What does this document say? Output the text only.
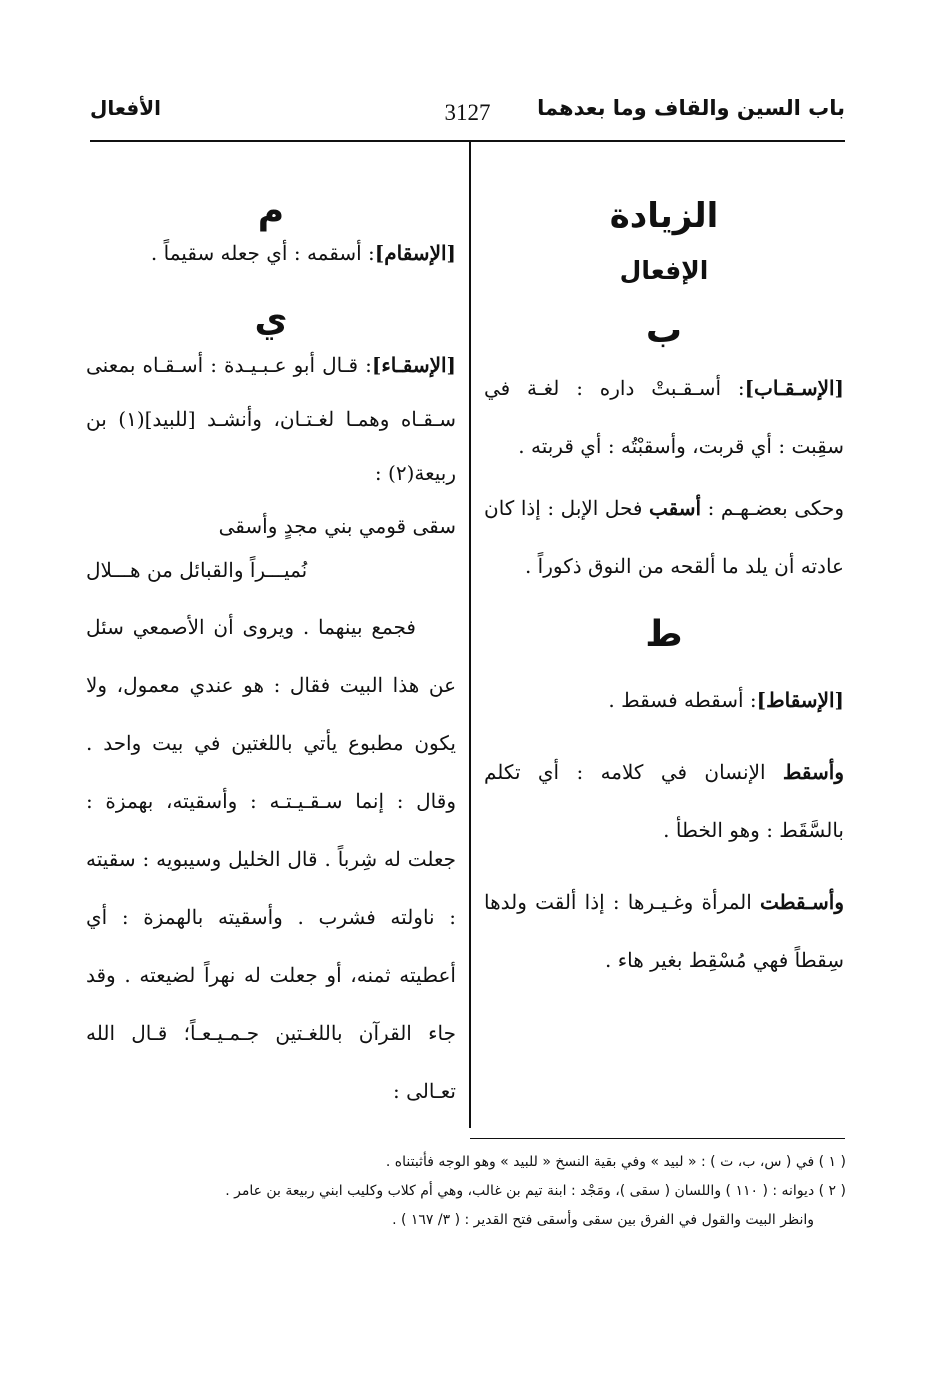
الأفعال	3127	باب السين والقاف وما بعدهما
الزيادة
الإفعال
ب

[الإسـقـاب]: أسـقـبتْ داره : لغـة في سقِبت : أي قربت، وأسقبْتُه : أي قربته .

وحكى بعضـهـم : أسقب فحل الإبل : إذا كان عادته أن يلد ما ألقحه من النوق ذكوراً .

ط

[الإسقاط]: أسقطه فسقط .

وأسقط الإنسان في كلامه : أي تكلم بالسَّقَط : وهو الخطأ .

وأسـقطت المرأة وغـيـرها : إذا ألقت ولدها سِقطاً فهي مُسْقِط بغير هاء .

م

[الإسقام]: أسقمه : أي جعله سقيماً .

ي

[الإسقـاء]: قـال أبو عـبـيـدة : أسـقـاه بمعنى سـقـاه وهمـا لغـتـان، وأنشـد [للبيد](١) بن ربيعة(٢) :

سقى قومي بني مجدٍ وأسقى

نُميـــراً والقبائل من هـــلال

فجمع بينهما . ويروى أن الأصمعي سئل عن هذا البيت فقال : هو عندي معمول، ولا يكون مطبوع يأتي باللغتين في بيت واحد . وقال : إنما سـقـيـتـه : وأسقيته، بهمزة : جعلت له شِرباً . قال الخليل وسيبويه : سقيته : ناولته فشرب . وأسقيته بالهمزة : أي أعطيته ثمنه، أو جعلت له نهراً لضيعته . وقد جاء القرآن باللغـتين جـمـيـعـاً؛ قـال الله تعـالى :

( ١ ) في ( س، ب، ت ) : « لبيد » وفي بقية النسخ « للبيد » وهو الوجه فأثبتناه .

( ٢ ) ديوانه : ( ١١٠ ) واللسان ( سقى )، ومَجْد : ابنة تيم بن غالب، وهي أم كلاب وكليب ابني ربيعة بن عامر .

وانظر البيت والقول في الفرق بين سقى وأسقى فتح القدير : ( ٣/ ١٦٧ ) .
